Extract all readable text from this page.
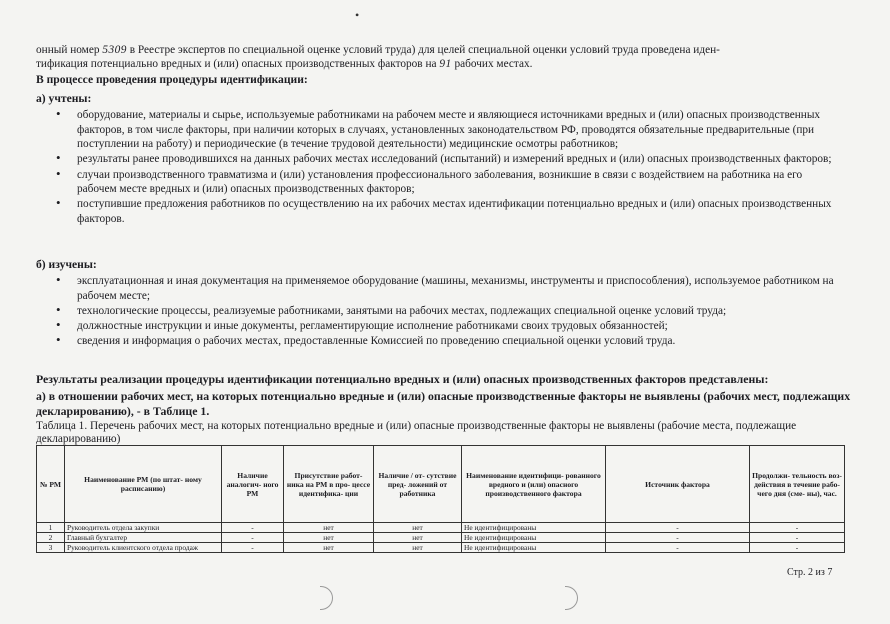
•
онный номер 5309 в Реестре экспертов по специальной оценке условий труда) для целей специальной оценки условий труда проведена иден-
тификация потенциально вредных и (или) опасных производственных факторов на 91 рабочих местах.
В процессе проведения процедуры идентификации:
а) учтены:
• оборудование, материалы и сырье, используемые работниками на рабочем месте и являющиеся источниками вредных и (или) опасных производственных факторов, в том числе факторы, при наличии которых в случаях, установленных законодательством РФ, проводятся обязательные предварительные (при поступлении на работу) и периодические (в течение трудовой деятельности) медицинские осмотры работников;
• результаты ранее проводившихся на данных рабочих местах исследований (испытаний) и измерений вредных и (или) опасных производственных факторов;
• случаи производственного травматизма и (или) установления профессионального заболевания, возникшие в связи с воздействием на работника на его рабочем месте вредных и (или) опасных производственных факторов;
• поступившие предложения работников по осуществлению на их рабочих местах идентификации потенциально вредных и (или) опасных производственных факторов.
б) изучены:
• эксплуатационная и иная документация на применяемое оборудование (машины, механизмы, инструменты и приспособления), используемое работником на рабочем месте;
• технологические процессы, реализуемые работниками, занятыми на рабочих местах, подлежащих специальной оценке условий труда;
• должностные инструкции и иные документы, регламентирующие исполнение работниками своих трудовых обязанностей;
• сведения и информация о рабочих местах, предоставленные Комиссией по проведению специальной оценки условий труда.
Результаты реализации процедуры идентификации потенциально вредных и (или) опасных производственных факторов представлены:
а) в отношении рабочих мест, на которых потенциально вредные и (или) опасные производственные факторы не выявлены (рабочих мест, подлежащих декларированию), - в Таблице 1.
Таблица 1. Перечень рабочих мест, на которых потенциально вредные и (или) опасные производственные факторы не выявлены (рабочие места, подлежащие декларированию)
№ РМ	Наименование РМ (по штат- ному расписанию)	Наличие аналогич- ного РМ	Присутствие работ- ника на РМ в про- цессе идентифика- ции	Наличие / от- сутствие пред- ложений от работника	Наименование идентифици- рованного вредного и (или) опасного производственного фактора	Источник фактора	Продолжи- тельность воз- действия в течение рабо- чего дня (сме- ны), час.
1	Руководитель отдела закупки	-	нет	нет	Не идентифицированы	-	-
2	Главный бухгалтер	-	нет	нет	Не идентифицированы	-	-
3	Руководитель клиентского отдела продаж	-	нет	нет	Не идентифицированы	-	-
Стр. 2 из 7
